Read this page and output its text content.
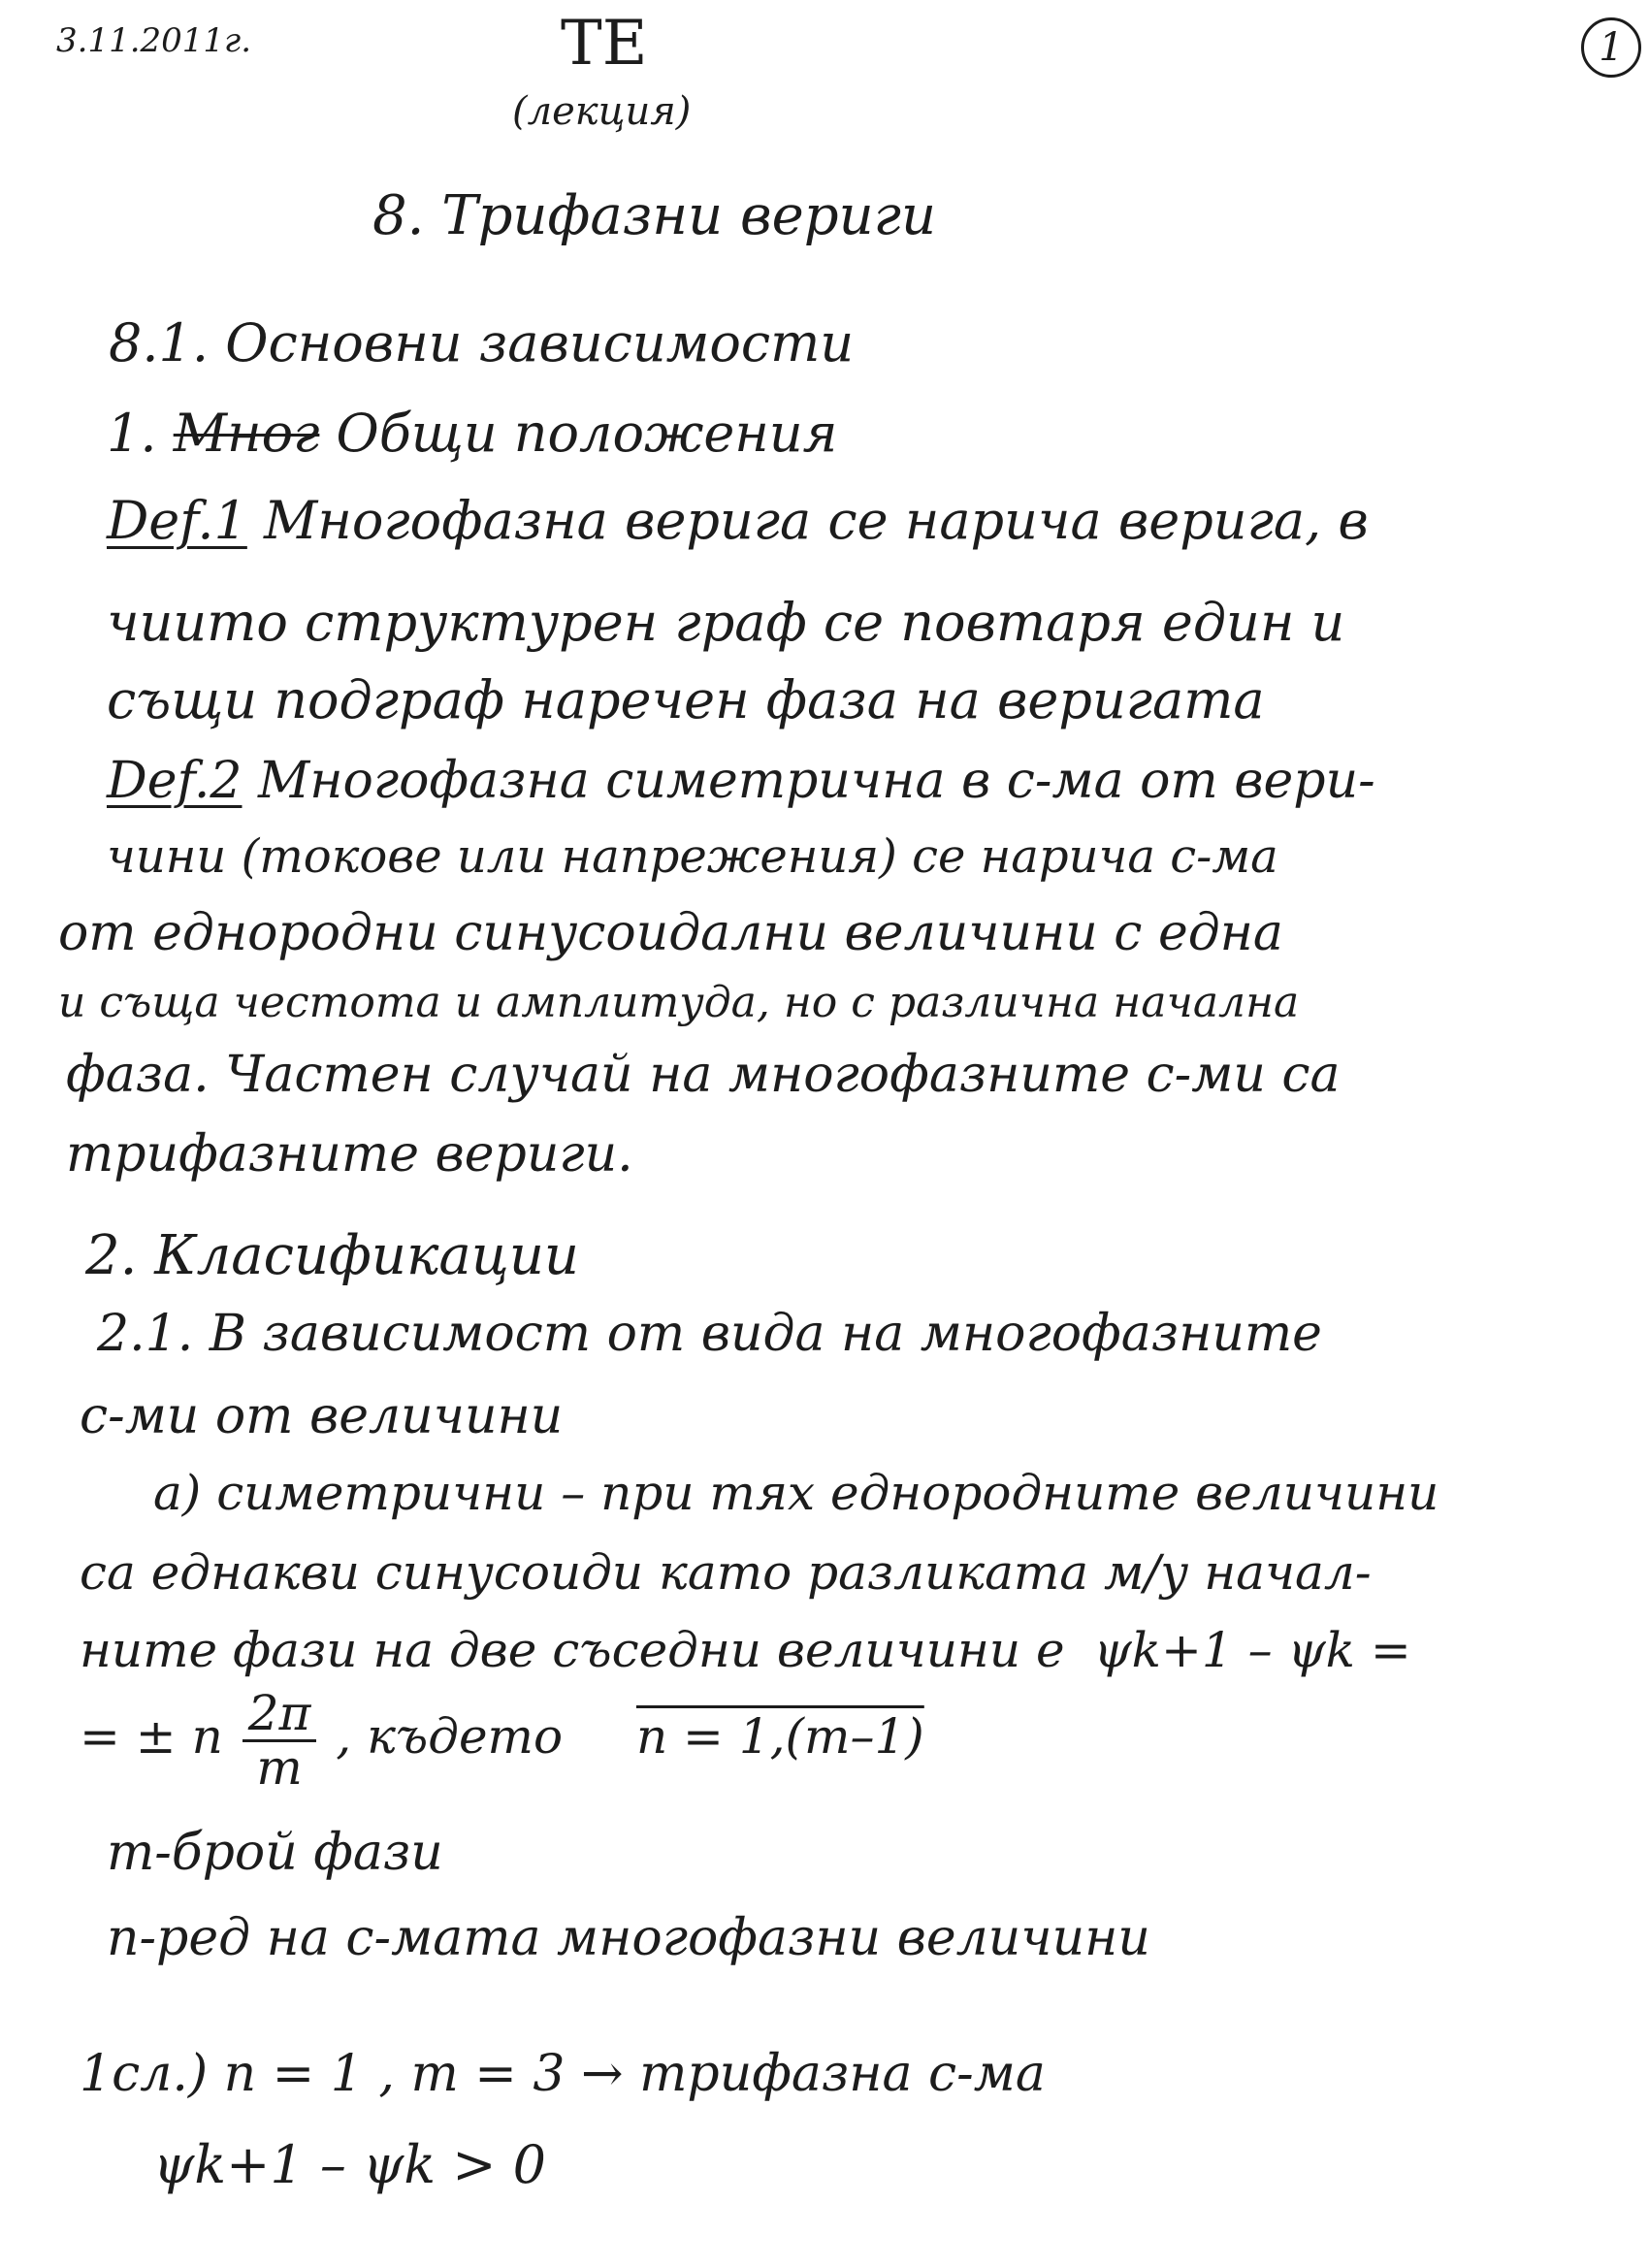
3.11.2011г.	ТЕ
(лекция)
1
8. Трифазни вериги
8.1. Основни зависимости
1. Мног Общи положения
Def.1 Многофазна верига се нарича верига, в
чиито структурен граф се повтаря един и
същи подграф наречен фаза на веригата
Def.2 Многофазна симетрична в с-ма от вери-
чини (токове или напрежения) се нарича с-ма
от еднородни синусоидални величини с една
и съща честота и амплитуда, но с различна начална
фаза. Частен случай на многофазните с-ми са
трифазните вериги.
2. Класификации
2.1. В зависимост от вида на многофазните
с-ми от величини
а) симетрични – при тях еднородните величини
са еднакви синусоиди като разликата м/у начал-
ните фази на две съседни величини е ψk+1 – ψk =
= ± n $\frac{2\pi}{m}$ , където n = 1,(m–1)
m-брой фази
n-ред на с-мата многофазни величини
1сл.) n = 1 , m = 3 → трифазна с-ма
ψk+1 – ψk > 0
